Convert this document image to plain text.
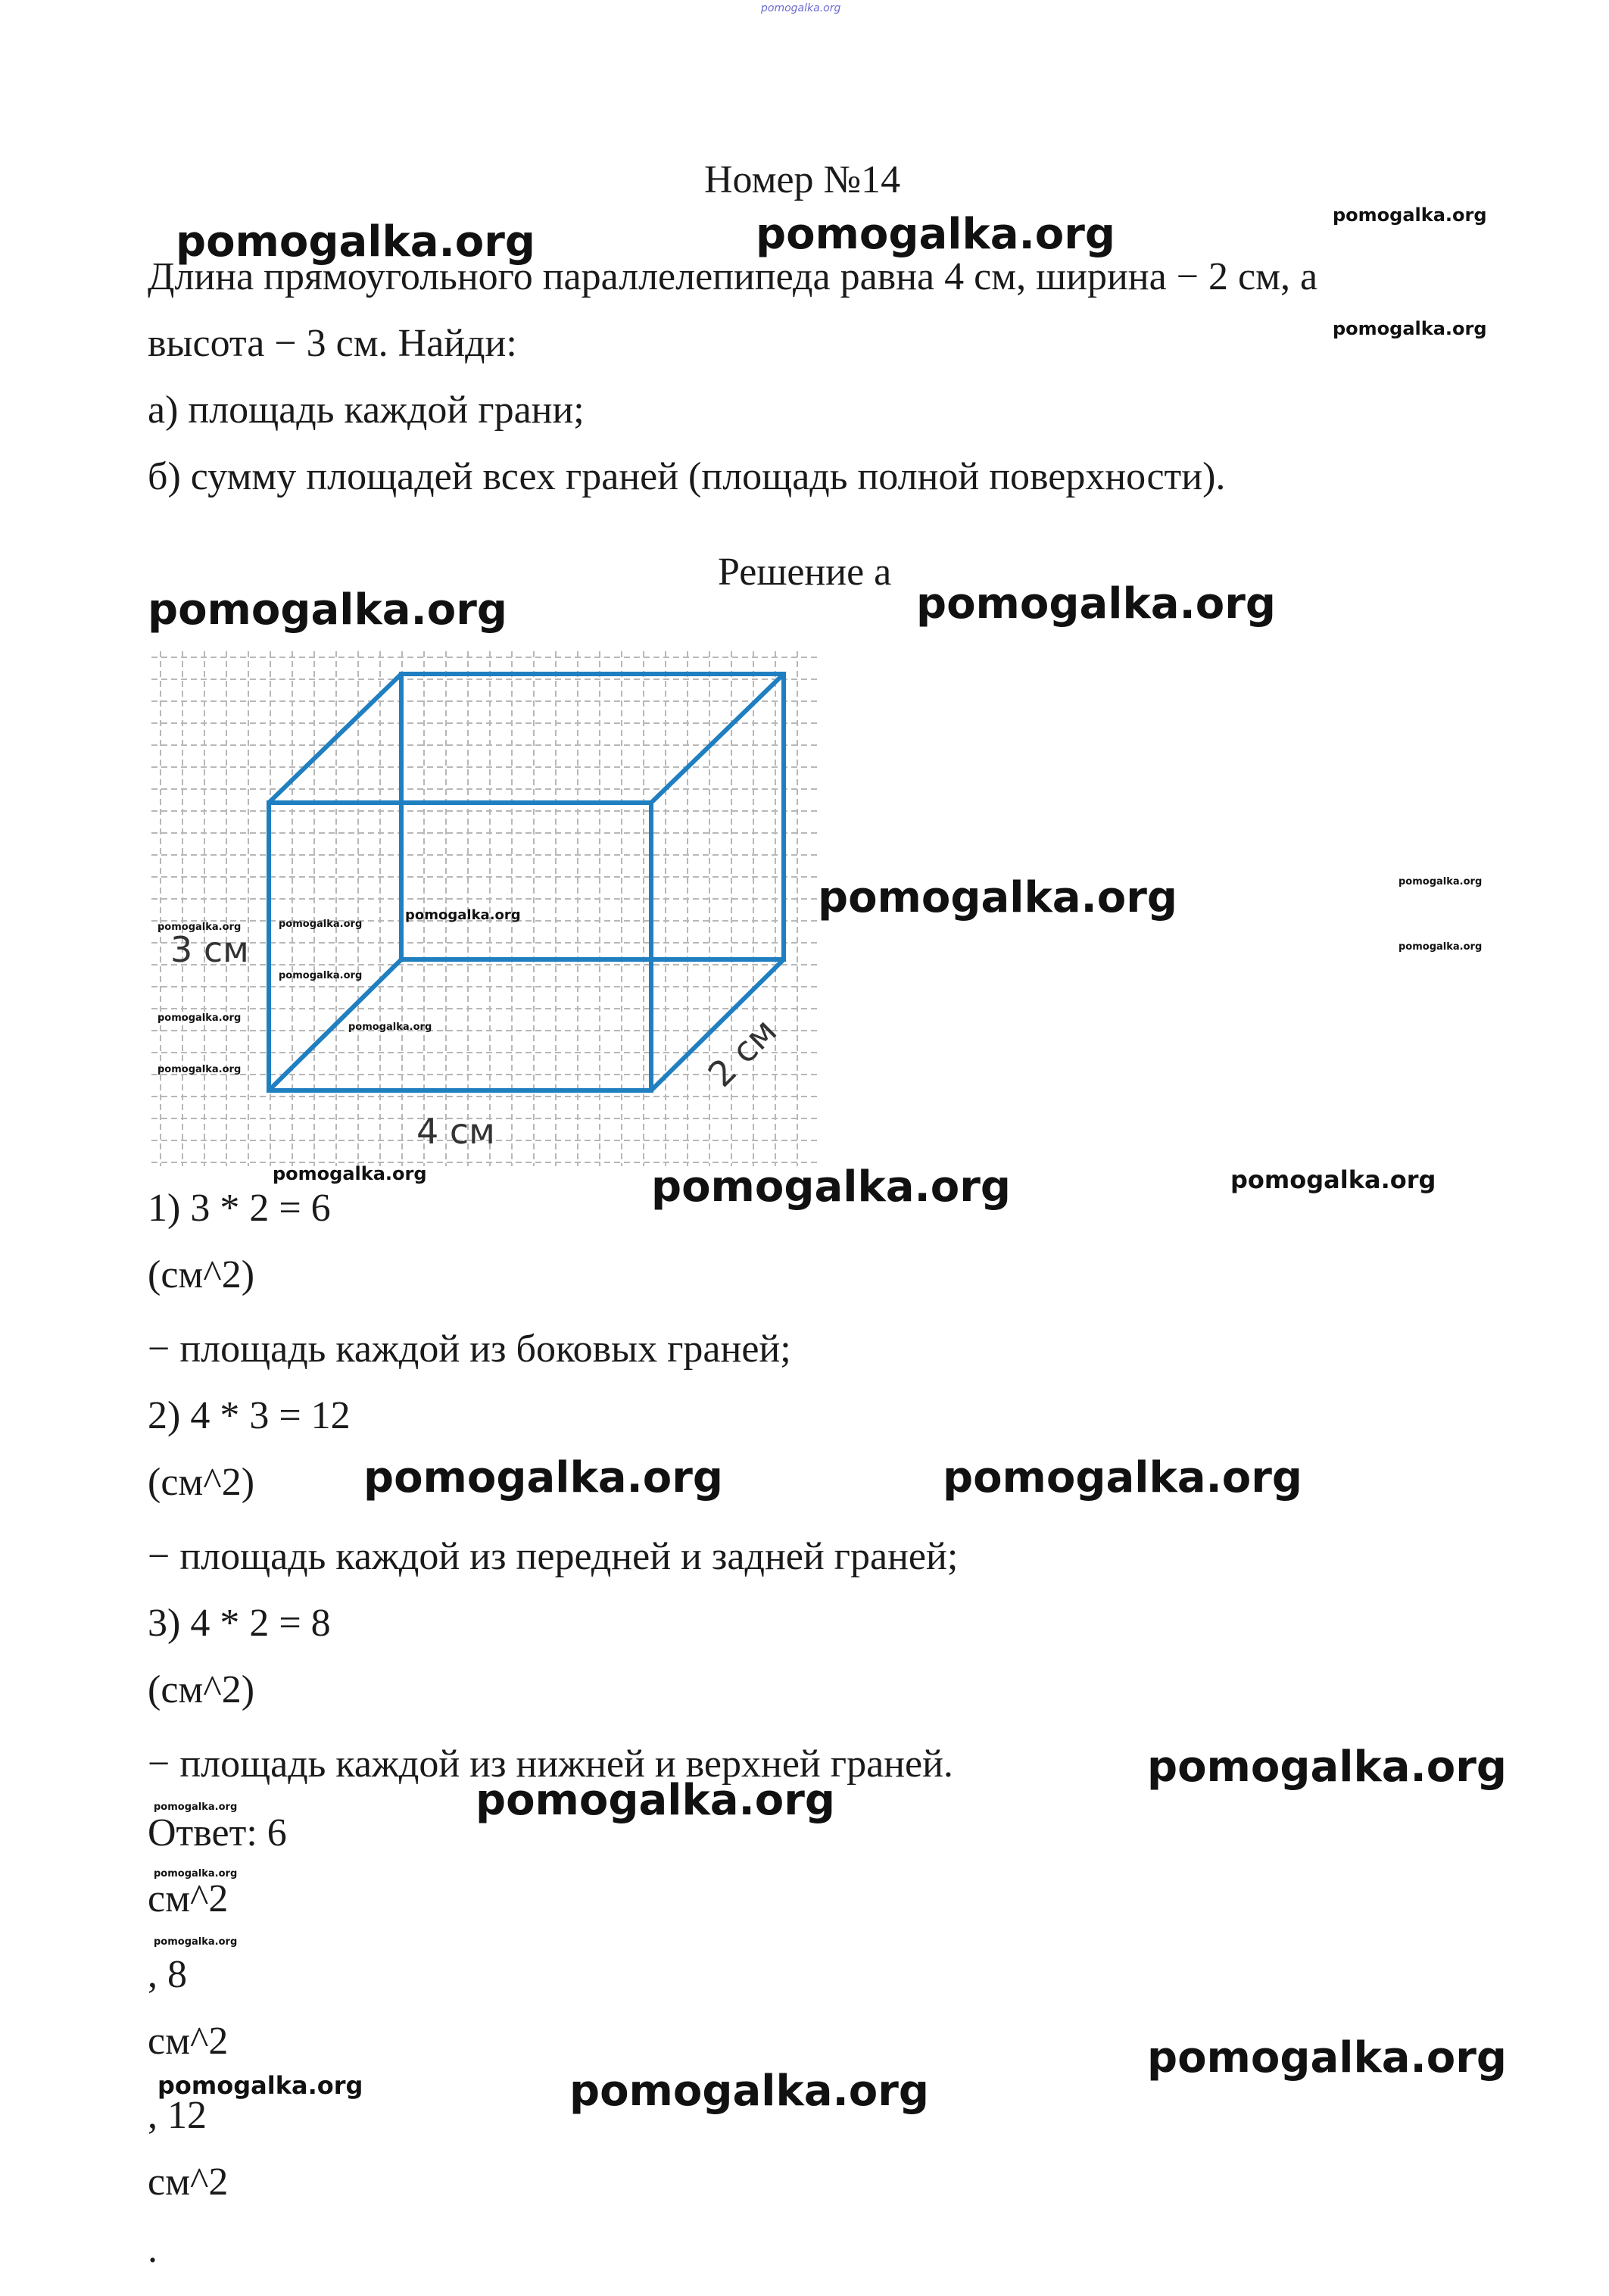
pomogalka.org
Номер №14
pomogalka.org	pomogalka.org	pomogalka.org
pomogalka.org
Длина прямоугольного параллелепипеда равна 4 см, ширина − 2 см, а
высота − 3 см. Найди:
а) площадь каждой грани;
б) сумму площадей всех граней (площадь полной поверхности).
Решение а
pomogalka.org	pomogalka.org
3 см
4 см
2 см
pomogalka.org	pomogalka.org
pomogalka.org
pomogalka.org
pomogalka.org
pomogalka.org
pomogalka.org	pomogalka.org	pomogalka.org
pomogalka.org
pomogalka.org	pomogalka.org	pomogalka.org
1) 3 * 2 = 6
(см^2)
− площадь каждой из боковых граней;
2) 4 * 3 = 12
(см^2)	pomogalka.org	pomogalka.org
− площадь каждой из передней и задней граней;
3) 4 * 2 = 8
(см^2)
− площадь каждой из нижней и верхней граней.	pomogalka.org
pomogalka.org
pomogalka.org
Ответ: 6
pomogalka.org
см^2
pomogalka.org
, 8
см^2
pomogalka.org	pomogalka.org
pomogalka.org
, 12
см^2
.
